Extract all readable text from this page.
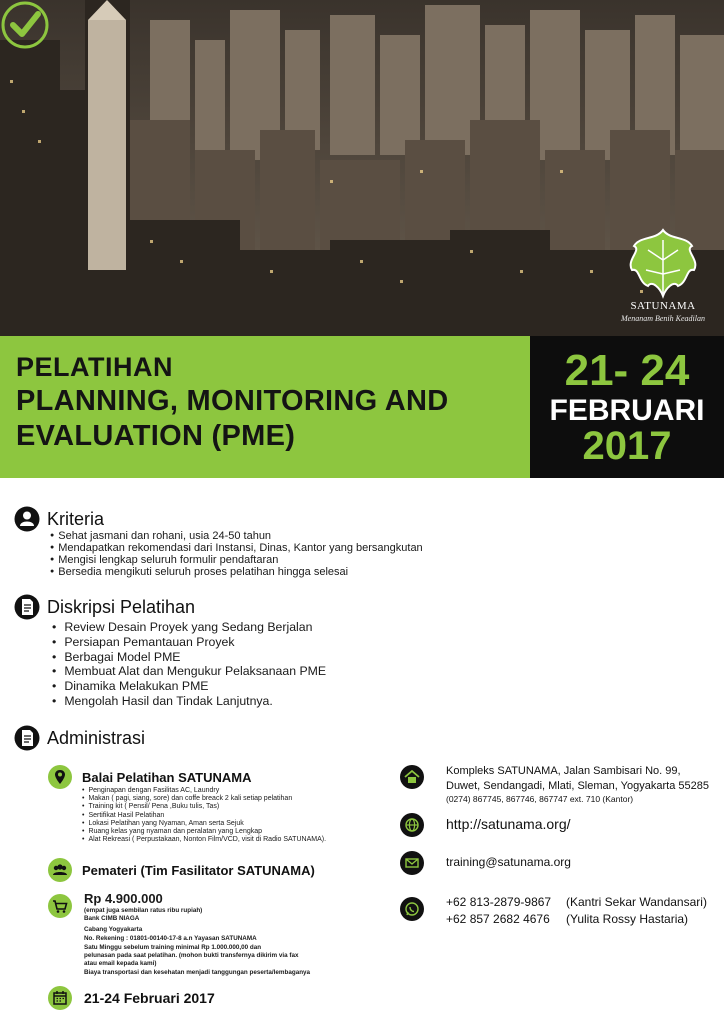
SATUNAMA
Menanam Benih Keadilan
PELATIHAN
PLANNING, MONITORING AND
EVALUATION (PME)
21- 24
FEBRUARI
2017
Kriteria
● Sehat jasmani dan rohani, usia 24-50 tahun
● Mendapatkan rekomendasi dari Instansi, Dinas, Kantor yang bersangkutan
● Mengisi lengkap seluruh formulir pendaftaran
● Bersedia mengikuti seluruh proses pelatihan hingga selesai
Diskripsi Pelatihan
• Review Desain Proyek yang Sedang Berjalan
• Persiapan Pemantauan Proyek
• Berbagai Model PME
• Membuat Alat dan Mengukur Pelaksanaan PME
• Dinamika Melakukan PME
• Mengolah Hasil dan Tindak Lanjutnya.
Administrasi
Balai Pelatihan SATUNAMA
• Penginapan dengan Fasilitas AC, Laundry
• Makan ( pagi, siang, sore) dan coffe breack 2 kali setiap pelatihan
• Training kit ( Pensil/ Pena ,Buku tulis, Tas)
• Sertifikat Hasil Pelatihan
• Lokasi Pelatihan yang Nyaman, Aman serta Sejuk
• Ruang kelas yang nyaman dan peralatan yang Lengkap
• Alat Rekreasi ( Perpustakaan, Nonton Film/VCD, visit di Radio SATUNAMA).
Pemateri (Tim Fasilitator SATUNAMA)
Rp 4.900.000
(empat juga sembilan ratus ribu rupiah)
Bank CIMB NIAGA
Cabang Yogyakarta
No. Rekening : 01801-00140-17-8 a.n Yayasan SATUNAMA
Satu Minggu sebelum training minimal Rp 1.000.000,00 dan
pelunasan pada saat pelatihan. (mohon bukti transfernya dikirim via fax
atau email kepada kami)
Biaya transportasi dan kesehatan menjadi tanggungan peserta/lembaganya
21-24 Februari 2017
Kompleks SATUNAMA, Jalan Sambisari No. 99,
Duwet, Sendangadi, Mlati, Sleman, Yogyakarta 55285
(0274) 867745, 867746, 867747 ext. 710 (Kantor)
http://satunama.org/
training@satunama.org
+62 813-2879-9867 (Kantri Sekar Wandansari)
+62 857 2682 4676 (Yulita Rossy Hastaria)
